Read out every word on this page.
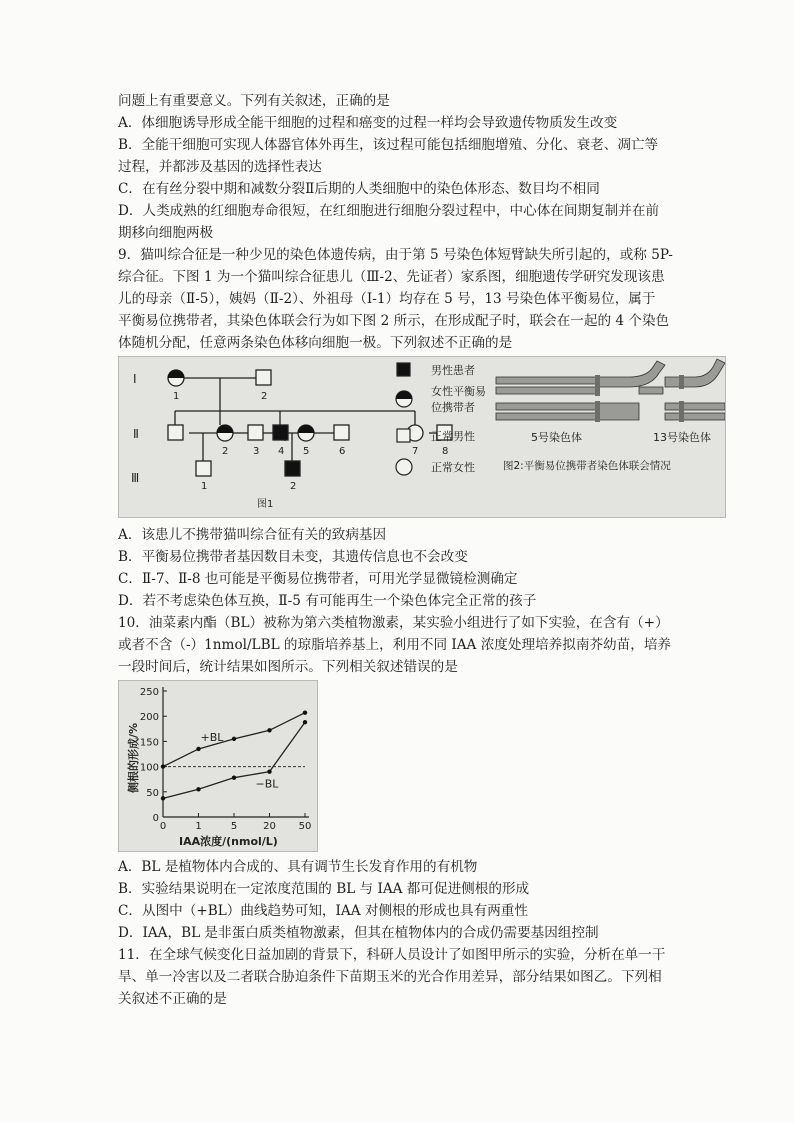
问题上有重要意义。下列有关叙述，正确的是
A．体细胞诱导形成全能干细胞的过程和癌变的过程一样均会导致遗传物质发生改变
B．全能干细胞可实现人体器官体外再生，该过程可能包括细胞增殖、分化、衰老、凋亡等
过程，并都涉及基因的选择性表达
C．在有丝分裂中期和减数分裂Ⅱ后期的人类细胞中的染色体形态、数目均不相同
D．人类成熟的红细胞寿命很短，在红细胞进行细胞分裂过程中，中心体在间期复制并在前
期移向细胞两极
9．猫叫综合征是一种少见的染色体遗传病，由于第 5 号染色体短臂缺失所引起的，或称 5P-
综合征。下图 1 为一个猫叫综合征患儿（Ⅲ-2、先证者）家系图，细胞遗传学研究发现该患
儿的母亲（Ⅱ-5），姨妈（Ⅱ-2）、外祖母（Ⅰ-1）均存在 5 号，13 号染色体平衡易位，属于
平衡易位携带者，其染色体联会行为如下图 2 所示，在形成配子时，联会在一起的 4 个染色
体随机分配，任意两条染色体移向细胞一极。下列叙述不正确的是
Ⅰ
Ⅱ
Ⅲ
1	2
2 3 4 5	6	7 8
1	2
图1
男性患者
女性平衡易
位携带者
正常男性
正常女性
5号染色体	13号染色体
图2:平衡易位携带者染色体联会情况
A．该患儿不携带猫叫综合征有关的致病基因
B．平衡易位携带者基因数目未变，其遗传信息也不会改变
C．Ⅱ-7、Ⅱ-8 也可能是平衡易位携带者，可用光学显微镜检测确定
D．若不考虑染色体互换，Ⅱ-5 有可能再生一个染色体完全正常的孩子
10．油菜素内酯（BL）被称为第六类植物激素，某实验小组进行了如下实验，在含有（+）
或者不含（-）1nmol/LBL 的琼脂培养基上，利用不同 IAA 浓度处理培养拟南芥幼苗，培养
一段时间后，统计结果如图所示。下列相关叙述错误的是
0
50
100
150
200
250
0	1	5	20 50
+BL
−BL
侧根的形成/%
IAA浓度/(nmol/L)
A．BL 是植物体内合成的、具有调节生长发育作用的有机物
B．实验结果说明在一定浓度范围的 BL 与 IAA 都可促进侧根的形成
C．从图中（+BL）曲线趋势可知，IAA 对侧根的形成也具有两重性
D．IAA，BL 是非蛋白质类植物激素，但其在植物体内的合成仍需要基因组控制
11．在全球气候变化日益加剧的背景下，科研人员设计了如图甲所示的实验，分析在单一干
旱、单一冷害以及二者联合胁迫条件下苗期玉米的光合作用差异，部分结果如图乙。下列相
关叙述不正确的是
